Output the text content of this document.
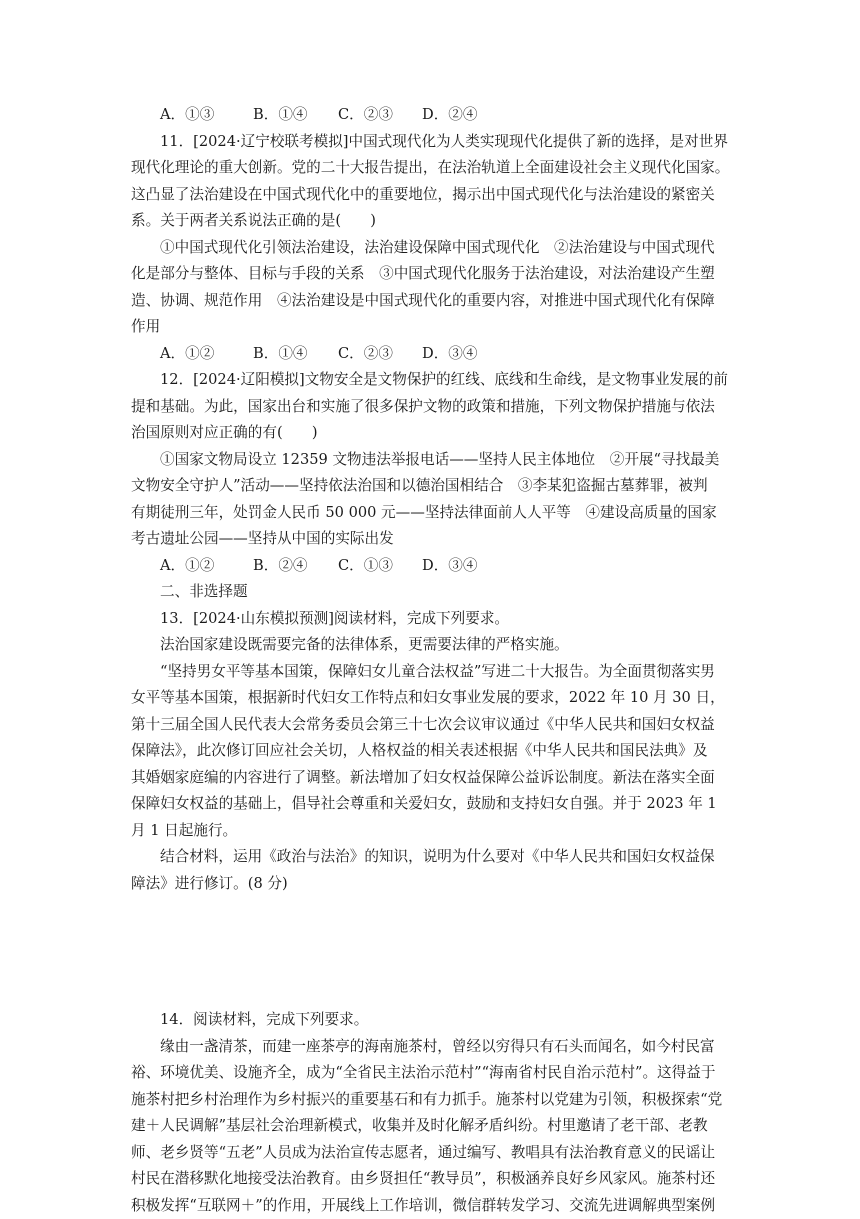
A．①③	B．①④ C．②③ D．②④
11．[2024·辽宁校联考模拟]中国式现代化为人类实现现代化提供了新的选择，是对世界
现代化理论的重大创新。党的二十大报告提出，在法治轨道上全面建设社会主义现代化国家。
这凸显了法治建设在中国式现代化中的重要地位，揭示出中国式现代化与法治建设的紧密关
系。关于两者关系说法正确的是(　　)
①中国式现代化引领法治建设，法治建设保障中国式现代化　②法治建设与中国式现代
化是部分与整体、目标与手段的关系　③中国式现代化服务于法治建设，对法治建设产生塑
造、协调、规范作用　④法治建设是中国式现代化的重要内容，对推进中国式现代化有保障
作用
A．①②	B．①④ C．②③ D．③④
12．[2024·辽阳模拟]文物安全是文物保护的红线、底线和生命线，是文物事业发展的前
提和基础。为此，国家出台和实施了很多保护文物的政策和措施，下列文物保护措施与依法
治国原则对应正确的有(　　)
①国家文物局设立 12359 文物违法举报电话——坚持人民主体地位　②开展“寻找最美
文物安全守护人”活动——坚持依法治国和以德治国相结合　③李某犯盗掘古墓葬罪，被判
有期徒刑三年，处罚金人民币 50 000 元——坚持法律面前人人平等　④建设高质量的国家
考古遗址公园——坚持从中国的实际出发
A．①②	B．②④ C．①③ D．③④
二、非选择题
13．[2024·山东模拟预测]阅读材料，完成下列要求。
法治国家建设既需要完备的法律体系，更需要法律的严格实施。
“坚持男女平等基本国策，保障妇女儿童合法权益”写进二十大报告。为全面贯彻落实男
女平等基本国策，根据新时代妇女工作特点和妇女事业发展的要求，2022 年 10 月 30 日，
第十三届全国人民代表大会常务委员会第三十七次会议审议通过《中华人民共和国妇女权益
保障法》，此次修订回应社会关切，人格权益的相关表述根据《中华人民共和国民法典》及
其婚姻家庭编的内容进行了调整。新法增加了妇女权益保障公益诉讼制度。新法在落实全面
保障妇女权益的基础上，倡导社会尊重和关爱妇女，鼓励和支持妇女自强。并于 2023 年 1
月 1 日起施行。
结合材料，运用《政治与法治》的知识，说明为什么要对《中华人民共和国妇女权益保
障法》进行修订。(8 分)
14．阅读材料，完成下列要求。
缘由一盏清茶，而建一座茶亭的海南施茶村，曾经以穷得只有石头而闻名，如今村民富
裕、环境优美、设施齐全，成为“全省民主法治示范村”“海南省村民自治示范村”。这得益于
施茶村把乡村治理作为乡村振兴的重要基石和有力抓手。施茶村以党建为引领，积极探索“党
建＋人民调解”基层社会治理新模式，收集并及时化解矛盾纠纷。村里邀请了老干部、老教
师、老乡贤等“五老”人员成为法治宣传志愿者，通过编写、教唱具有法治教育意义的民谣让
村民在潜移默化地接受法治教育。由乡贤担任“教导员”，积极涵养良好乡风家风。施茶村还
积极发挥“互联网＋”的作用，开展线上工作培训，微信群转发学习、交流先进调解典型案例
